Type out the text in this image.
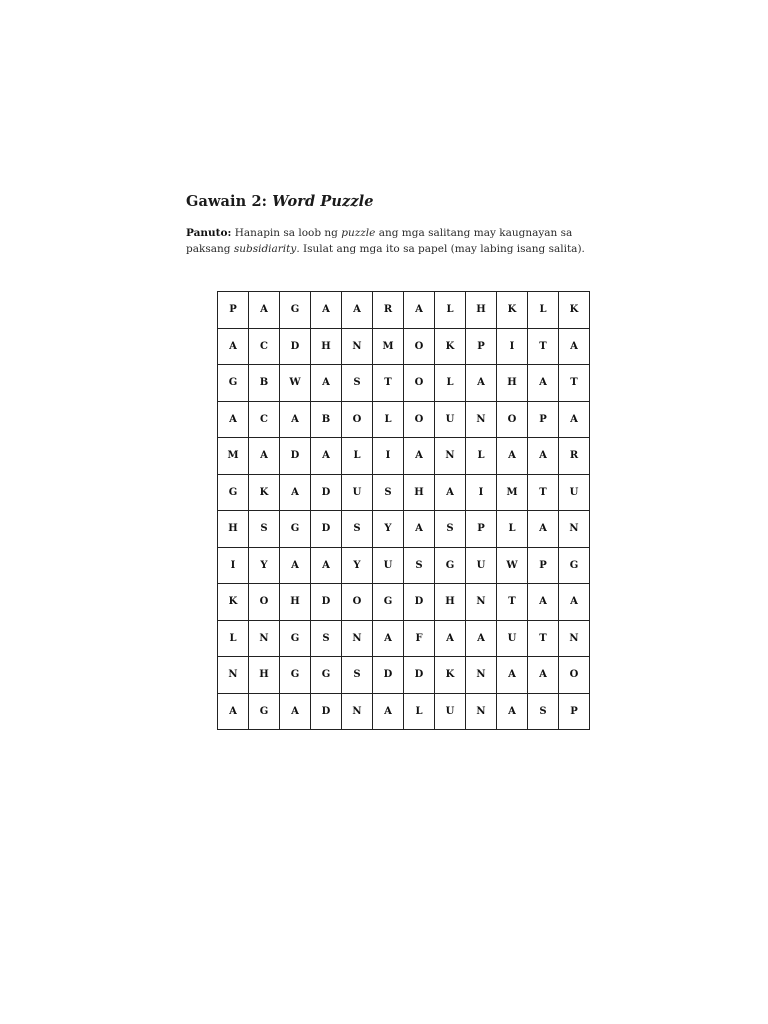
Gawain 2: Word Puzzle
Panuto: Hanapin sa loob ng puzzle ang mga salitang may kaugnayan sa paksang subsidiarity. Isulat ang mga ito sa papel (may labing isang salita).
P	A	G	A	A	R	A	L	H	K	L	K
A	C	D	H	N	M	O	K	P	I	T	A
G	B	W	A	S	T	O	L	A	H	A	T
A	C	A	B	O	L	O	U	N	O	P	A
M	A	D	A	L	I	A	N	L	A	A	R
G	K	A	D	U	S	H	A	I	M	T	U
H	S	G	D	S	Y	A	S	P	L	A	N
I	Y	A	A	Y	U	S	G	U	W	P	G
K	O	H	D	O	G	D	H	N	T	A	A
L	N	G	S	N	A	F	A	A	U	T	N
N	H	G	G	S	D	D	K	N	A	A	O
A	G	A	D	N	A	L	U	N	A	S	P
